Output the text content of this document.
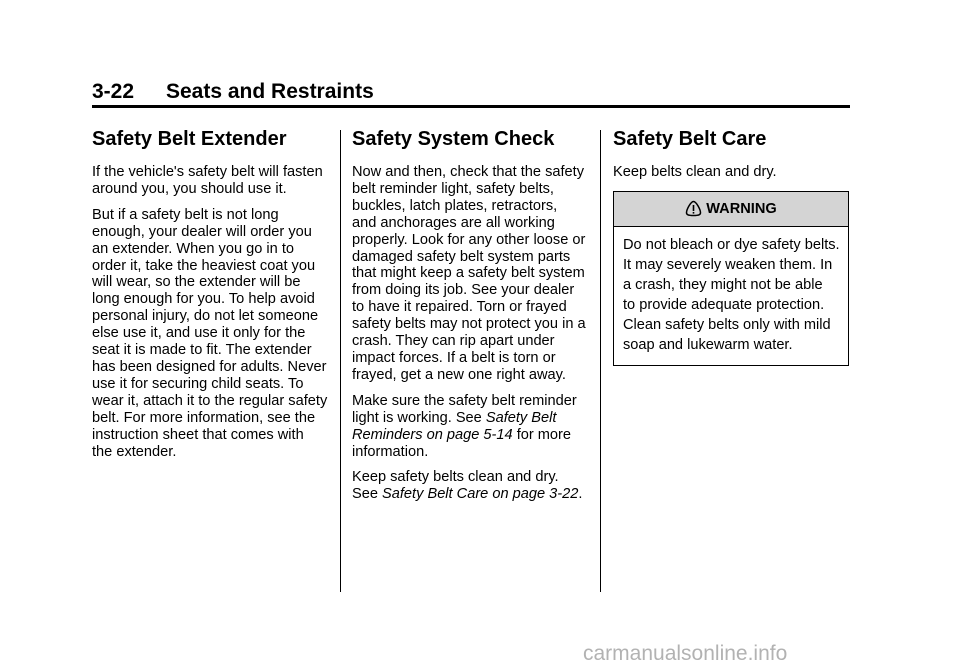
3-22 Seats and Restraints
Safety Belt Extender

If the vehicle's safety belt will fasten
around you, you should use it.

But if a safety belt is not long
enough, your dealer will order you
an extender. When you go in to
order it, take the heaviest coat you
will wear, so the extender will be
long enough for you. To help avoid
personal injury, do not let someone
else use it, and use it only for the
seat it is made to fit. The extender
has been designed for adults. Never
use it for securing child seats. To
wear it, attach it to the regular safety
belt. For more information, see the
instruction sheet that comes with
the extender.

Safety System Check

Now and then, check that the safety
belt reminder light, safety belts,
buckles, latch plates, retractors,
and anchorages are all working
properly. Look for any other loose or
damaged safety belt system parts
that might keep a safety belt system
from doing its job. See your dealer
to have it repaired. Torn or frayed
safety belts may not protect you in a
crash. They can rip apart under
impact forces. If a belt is torn or
frayed, get a new one right away.

Make sure the safety belt reminder
light is working. See Safety Belt
Reminders on page 5-14 for more
information.

Keep safety belts clean and dry.
See Safety Belt Care on page 3-22.

Safety Belt Care

Keep belts clean and dry.

WARNING
Do not bleach or dye safety belts.
It may severely weaken them. In
a crash, they might not be able
to provide adequate protection.
Clean safety belts only with mild
soap and lukewarm water.
carmanualsonline.info
